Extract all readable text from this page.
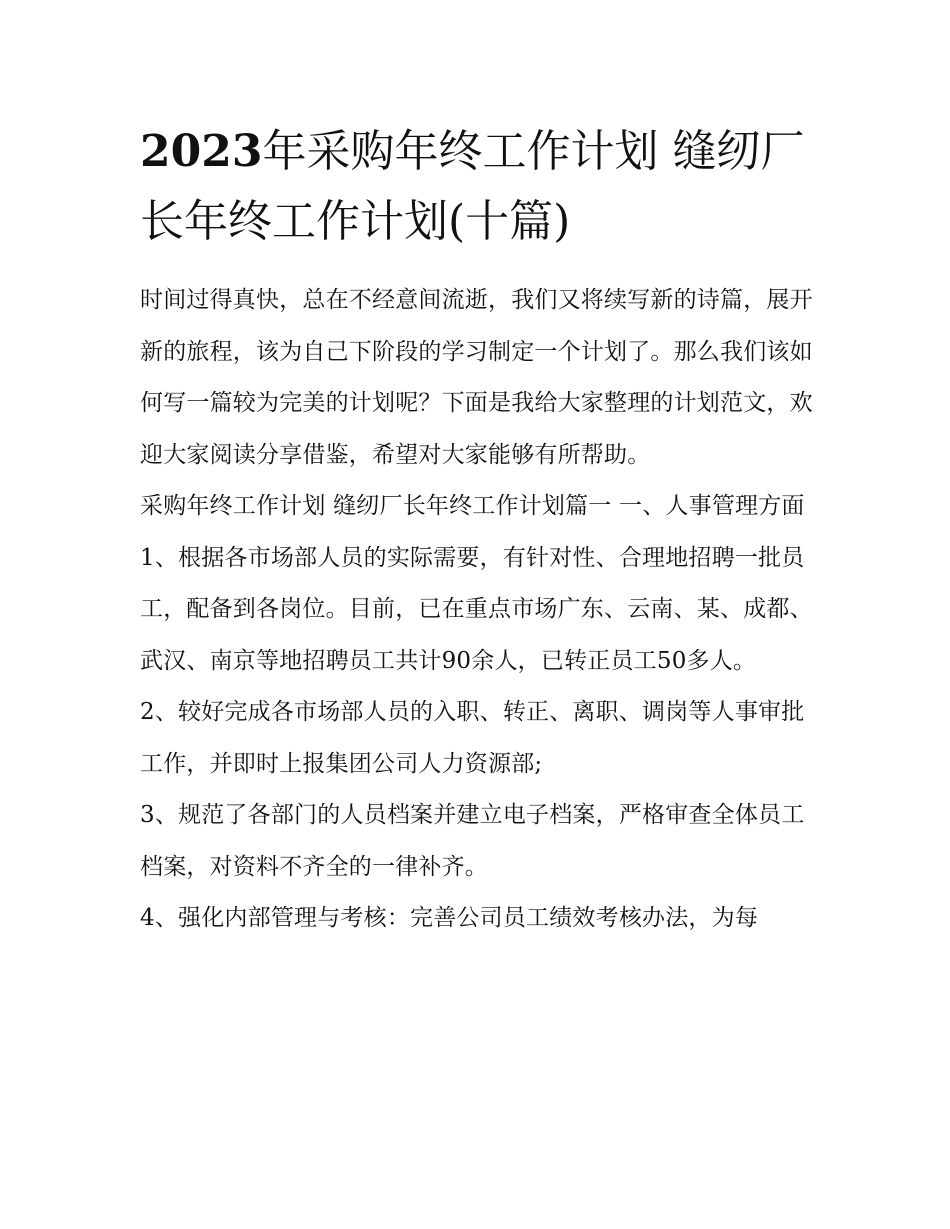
2023年采购年终工作计划 缝纫厂长年终工作计划(十篇)

时间过得真快，总在不经意间流逝，我们又将续写新的诗篇，展开新的旅程，该为自己下阶段的学习制定一个计划了。那么我们该如何写一篇较为完美的计划呢？下面是我给大家整理的计划范文，欢迎大家阅读分享借鉴，希望对大家能够有所帮助。

采购年终工作计划 缝纫厂长年终工作计划篇一 一、人事管理方面

1、根据各市场部人员的实际需要，有针对性、合理地招聘一批员工，配备到各岗位。目前，已在重点市场广东、云南、某、成都、武汉、南京等地招聘员工共计90余人，已转正员工50多人。

2、较好完成各市场部人员的入职、转正、离职、调岗等人事审批工作，并即时上报集团公司人力资源部;

3、规范了各部门的人员档案并建立电子档案，严格审查全体员工档案，对资料不齐全的一律补齐。

4、强化内部管理与考核：完善公司员工绩效考核办法，为每
